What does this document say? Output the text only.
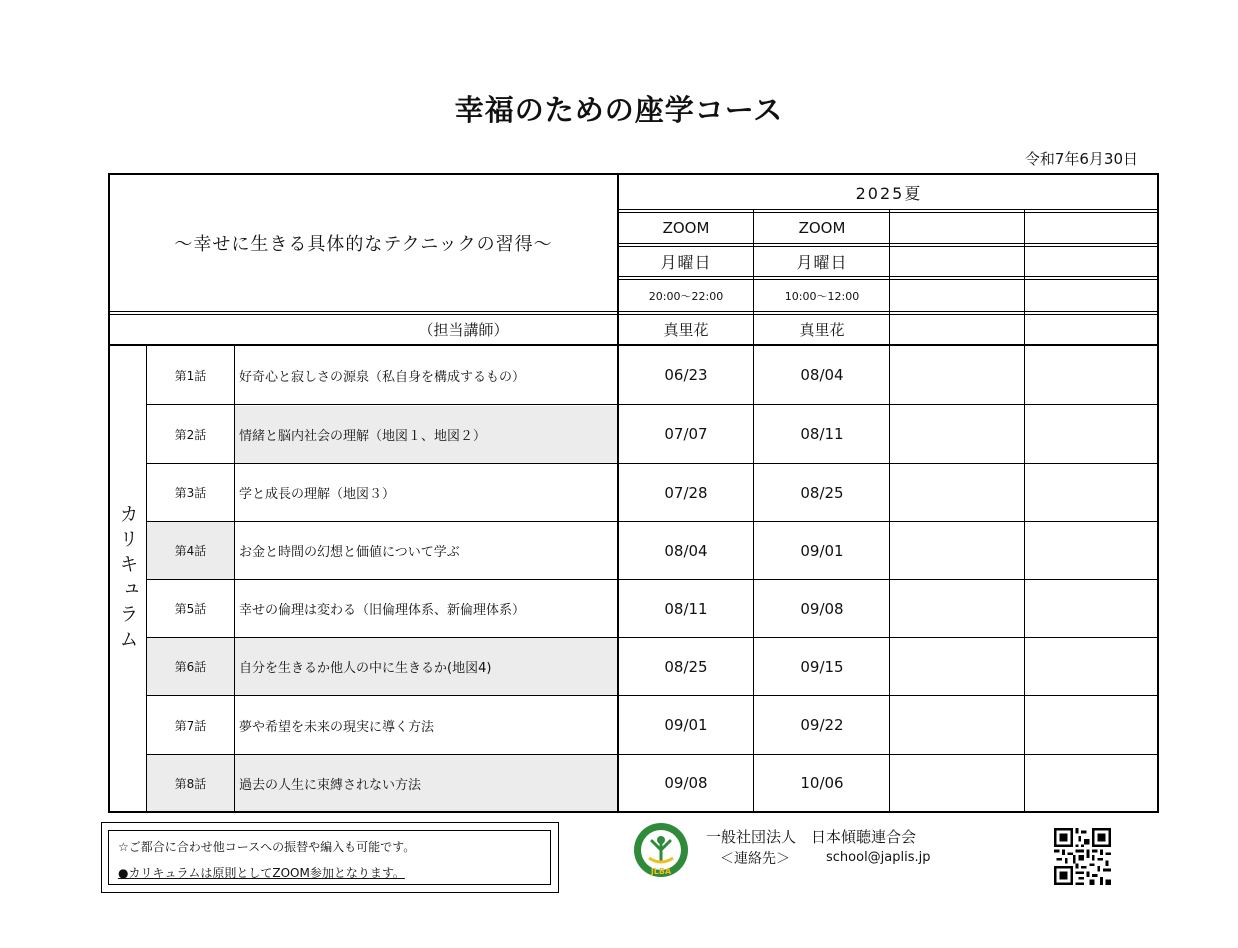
幸福のための座学コース
令和7年6月30日
～幸せに生きる具体的なテクニックの習得～
2025夏
ZOOM	ZOOM
月曜日	月曜日
20:00～22:00	10:00～12:00
（担当講師）	真里花	真里花
カリキュラム
第1話	好奇心と寂しさの源泉（私自身を構成するもの）	06/23	08/04
第2話	情緒と脳内社会の理解（地図１、地図２）	07/07	08/11
第3話	学と成長の理解（地図３）	07/28	08/25
第4話	お金と時間の幻想と価値について学ぶ	08/04	09/01
第5話	幸せの倫理は変わる（旧倫理体系、新倫理体系）	08/11	09/08
第6話	自分を生きるか他人の中に生きるか(地図4)	08/25	09/15
第7話	夢や希望を未来の現実に導く方法	09/01	09/22
第8話	過去の人生に束縛されない方法	09/08	10/06
☆ご都合に合わせ他コースへの振替や編入も可能です。
●カリキュラムは原則としてZOOM参加となります。	JLBA
一般社団法人　日本傾聴連合会
＜連絡先＞	school@japlis.jp
